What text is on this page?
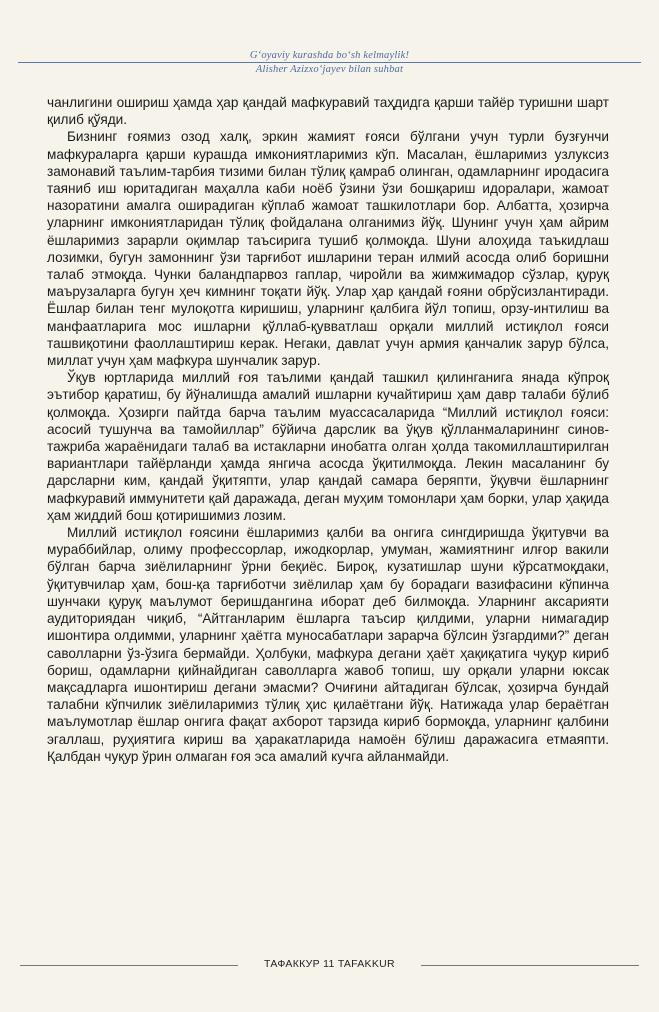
G‘oyaviy kurashda bo‘sh kelmaylik!
Alisher Azizxo‘jayev bilan suhbat

чанлигини ошириш ҳамда ҳар қандай мафкуравий таҳдидга қарши тайёр туришни шарт қилиб қўяди.

Бизнинг ғоямиз озод халқ, эркин жамият ғояси бўлгани учун турли бузғунчи мафкураларга қарши курашда имкониятларимиз кўп. Масалан, ёшларимиз узлуксиз замонавий таълим-тарбия тизими билан тўлиқ қамраб олинган, одамларнинг иродасига таяниб иш юритадиган маҳалла каби ноёб ўзини ўзи бошқариш идоралари, жамоат назоратини амалга оширадиган кўплаб жамоат ташкилотлари бор. Албатта, ҳозирча уларнинг имкониятларидан тўлиқ фойдалана олганимиз йўқ. Шунинг учун ҳам айрим ёшларимиз зарарли оқимлар таъсирига тушиб қолмоқда. Шуни алоҳида таъкидлаш лозимки, бугун замоннинг ўзи тарғибот ишларини теран илмий асосда олиб боришни талаб этмоқда. Чунки баландпарвоз гаплар, чиройли ва жимжимадор сўзлар, қуруқ маърузаларга бугун ҳеч кимнинг тоқати йўқ. Улар ҳар қандай ғояни обрўсизлантиради. Ёшлар билан тенг мулоқотга киришиш, уларнинг қалбига йўл топиш, орзу-интилиш ва манфаатларига мос ишларни қўллаб-қувватлаш орқали миллий истиқлол ғояси ташвиқотини фаоллаштириш керак. Негаки, давлат учун армия қанчалик зарур бўлса, миллат учун ҳам мафкура шунчалик зарур.

Ўқув юртларида миллий ғоя таълими қандай ташкил қилинганига янада кўпроқ эътибор қаратиш, бу йўналишда амалий ишларни кучайтириш ҳам давр талаби бўлиб қолмоқда. Ҳозирги пайтда барча таълим муассасаларида “Миллий истиқлол ғояси: асосий тушунча ва тамойиллар” бўйича дарслик ва ўқув қўлланмаларининг синов-тажриба жараёнидаги талаб ва истакларни инобатга олган ҳолда такомиллаштирилган вариантлари тайёрланди ҳамда янгича асосда ўқитилмоқда. Лекин масаланинг бу дарсларни ким, қандай ўқитяпти, улар қандай самара беряпти, ўқувчи ёшларнинг мафкуравий иммунитети қай даражада, деган муҳим томонлари ҳам борки, улар ҳақида ҳам жиддий бош қотиришимиз лозим.

Миллий истиқлол ғоясини ёшларимиз қалби ва онгига сингдиришда ўқитувчи ва мураббийлар, олиму профессорлар, ижодкорлар, умуман, жамиятнинг илғор вакили бўлган барча зиёлиларнинг ўрни беқиёс. Бироқ, кузатишлар шуни кўрсатмоқдаки, ўқитувчилар ҳам, бош-қа тарғиботчи зиёлилар ҳам бу борадаги вазифасини кўпинча шунчаки қуруқ маълумот беришдангина иборат деб билмоқда. Уларнинг аксарияти аудиториядан чиқиб, “Айтганларим ёшларга таъсир қилдими, уларни нимагадир ишонтира олдимми, уларнинг ҳаётга муносабатлари зарарча бўлсин ўзгардими?” деган саволларни ўз-ўзига бермайди. Ҳолбуки, мафкура дегани ҳаёт ҳақиқатига чуқур кириб бориш, одамларни қийнайдиган саволларга жавоб топиш, шу орқали уларни юксак мақсадларга ишонтириш дегани эмасми? Очиғини айтадиган бўлсак, ҳозирча бундай талабни кўпчилик зиёлиларимиз тўлиқ ҳис қилаётгани йўқ. Натижада улар бераётган маълумотлар ёшлар онгига фақат ахборот тарзида кириб бормоқда, уларнинг қалбини эгаллаш, руҳиятига кириш ва ҳаракатларида намоён бўлиш даражасига етмаяпти. Қалбдан чуқур ўрин олмаган ғоя эса амалий кучга айланмайди.

ТАФАККУР 11 TAFAKKUR
